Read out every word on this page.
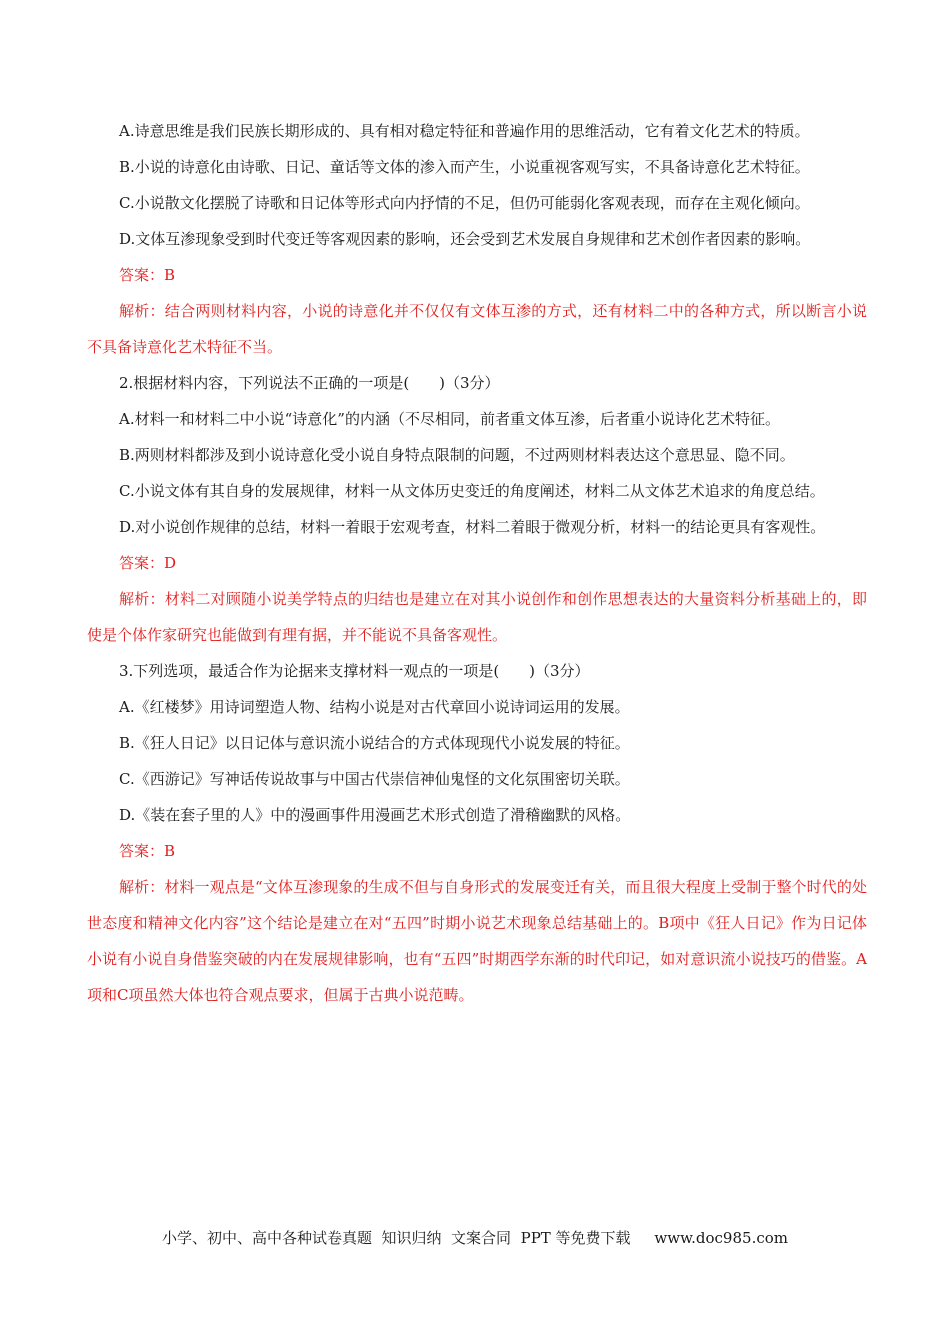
A.诗意思维是我们民族长期形成的、具有相对稳定特征和普遍作用的思维活动，它有着文化艺术的特质。

B.小说的诗意化由诗歌、日记、童话等文体的渗入而产生，小说重视客观写实，不具备诗意化艺术特征。

C.小说散文化摆脱了诗歌和日记体等形式向内抒情的不足，但仍可能弱化客观表现，而存在主观化倾向。

D.文体互渗现象受到时代变迁等客观因素的影响，还会受到艺术发展自身规律和艺术创作者因素的影响。

答案：B

解析：结合两则材料内容，小说的诗意化并不仅仅有文体互渗的方式，还有材料二中的各种方式，所以断言小说不具备诗意化艺术特征不当。

2.根据材料内容，下列说法不正确的一项是(　　)（3分）

A.材料一和材料二中小说“诗意化”的内涵（不尽相同，前者重文体互渗，后者重小说诗化艺术特征。

B.两则材料都涉及到小说诗意化受小说自身特点限制的问题，不过两则材料表达这个意思显、隐不同。

C.小说文体有其自身的发展规律，材料一从文体历史变迁的角度阐述，材料二从文体艺术追求的角度总结。

D.对小说创作规律的总结，材料一着眼于宏观考查，材料二着眼于微观分析，材料一的结论更具有客观性。

答案：D

解析：材料二对顾随小说美学特点的归结也是建立在对其小说创作和创作思想表达的大量资料分析基础上的，即使是个体作家研究也能做到有理有据，并不能说不具备客观性。

3.下列选项，最适合作为论据来支撑材料一观点的一项是(　　)（3分）

A.《红楼梦》用诗词塑造人物、结构小说是对古代章回小说诗词运用的发展。

B.《狂人日记》以日记体与意识流小说结合的方式体现现代小说发展的特征。

C.《西游记》写神话传说故事与中国古代崇信神仙鬼怪的文化氛围密切关联。

D.《装在套子里的人》中的漫画事件用漫画艺术形式创造了滑稽幽默的风格。

答案：B

解析：材料一观点是“文体互渗现象的生成不但与自身形式的发展变迁有关，而且很大程度上受制于整个时代的处世态度和精神文化内容”这个结论是建立在对“五四”时期小说艺术现象总结基础上的。B项中《狂人日记》作为日记体小说有小说自身借鉴突破的内在发展规律影响，也有“五四”时期西学东渐的时代印记，如对意识流小说技巧的借鉴。A项和C项虽然大体也符合观点要求，但属于古典小说范畴。

小学、初中、高中各种试卷真题  知识归纳  文案合同  PPT 等免费下载     www.doc985.com
